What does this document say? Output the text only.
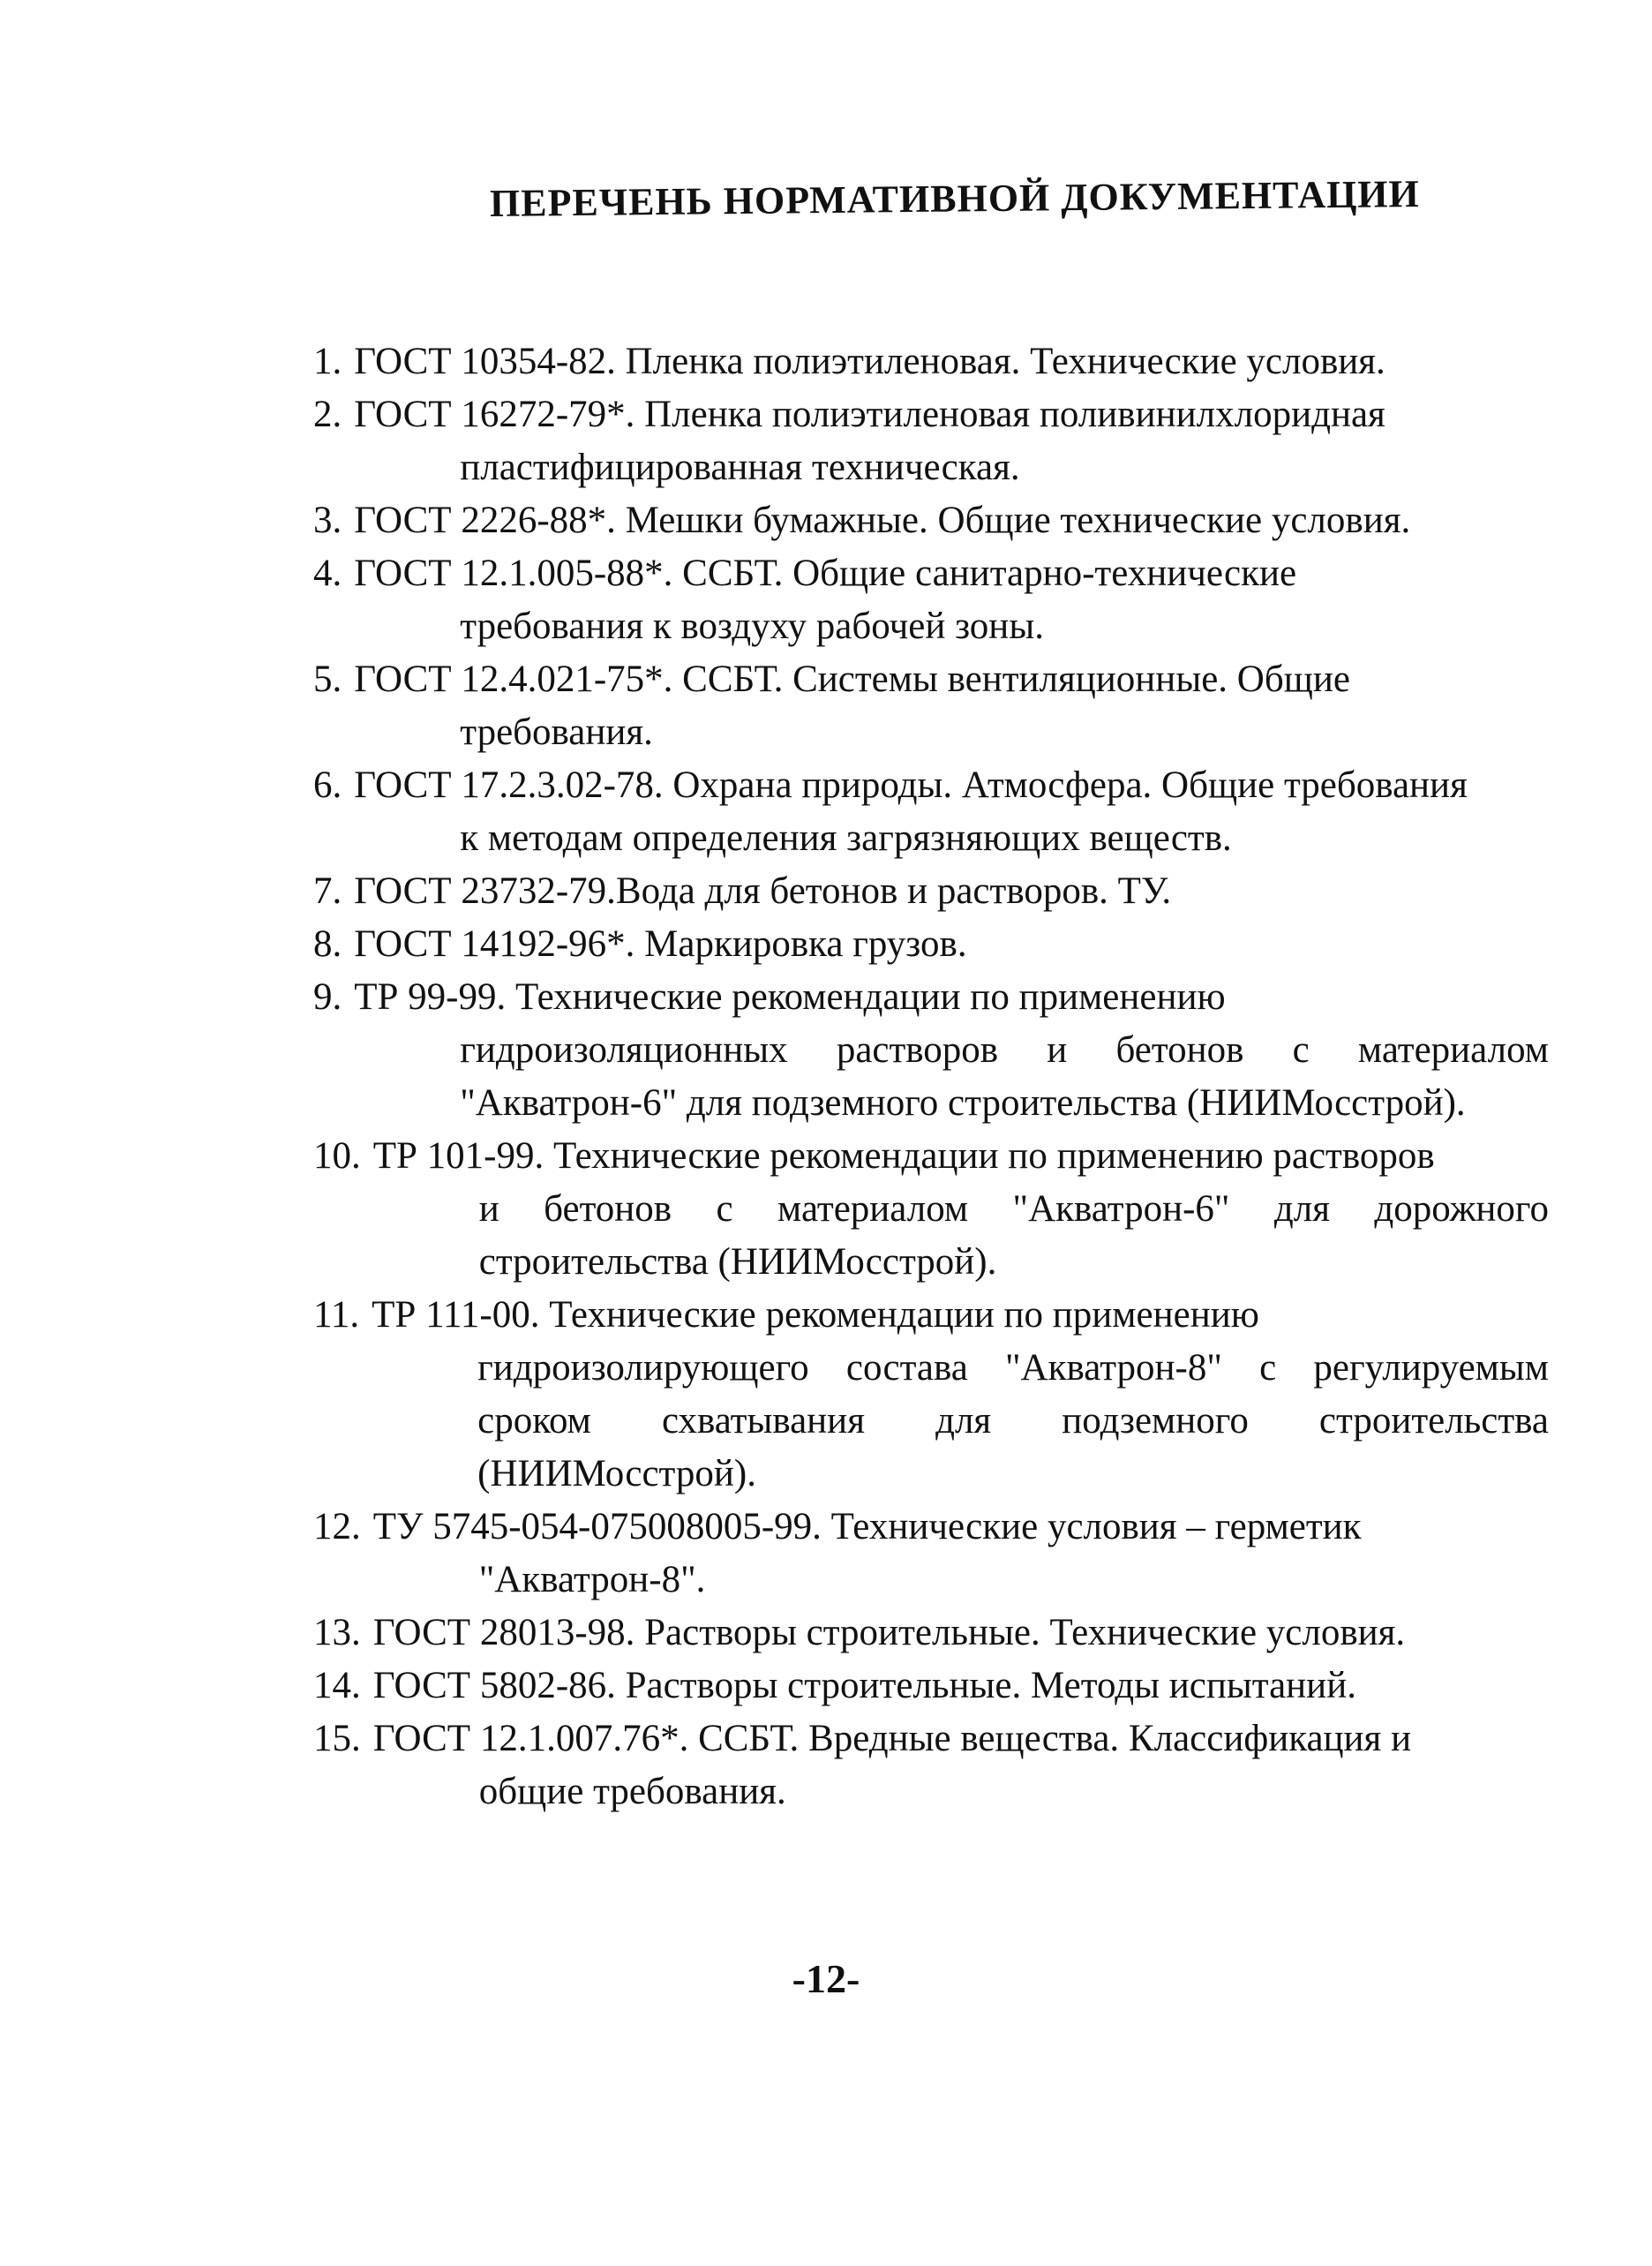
ПЕРЕЧЕНЬ НОРМАТИВНОЙ ДОКУМЕНТАЦИИ
1. ГОСТ 10354-82. Пленка полиэтиленовая. Технические условия.
2. ГОСТ 16272-79*. Пленка полиэтиленовая поливинилхлоридная
пластифицированная техническая.
3. ГОСТ 2226-88*. Мешки бумажные. Общие технические условия.
4. ГОСТ 12.1.005-88*. ССБТ. Общие санитарно-технические
требования к воздуху рабочей зоны.
5. ГОСТ 12.4.021-75*. ССБТ. Системы вентиляционные. Общие
требования.
6. ГОСТ 17.2.3.02-78. Охрана природы. Атмосфера. Общие требования
к методам определения загрязняющих веществ.
7. ГОСТ 23732-79.Вода для бетонов и растворов. ТУ.
8. ГОСТ 14192-96*. Маркировка грузов.
9. ТР 99-99. Технические рекомендации по применению
гидроизоляционных растворов и бетонов с материалом "Акватрон-6" для подземного строительства (НИИМосстрой).
10. ТР 101-99. Технические рекомендации по применению растворов
и бетонов с материалом "Акватрон-6" для дорожного строительства (НИИМосстрой).
11. ТР 111-00. Технические рекомендации по применению
гидроизолирующего состава "Акватрон-8" с регулируемым сроком схватывания для подземного строительства (НИИМосстрой).
12. ТУ 5745-054-075008005-99. Технические условия – герметик
"Акватрон-8".
13. ГОСТ 28013-98. Растворы строительные. Технические условия.
14. ГОСТ 5802-86. Растворы строительные. Методы испытаний.
15. ГОСТ 12.1.007.76*. ССБТ. Вредные вещества. Классификация и
общие требования.
-12-
